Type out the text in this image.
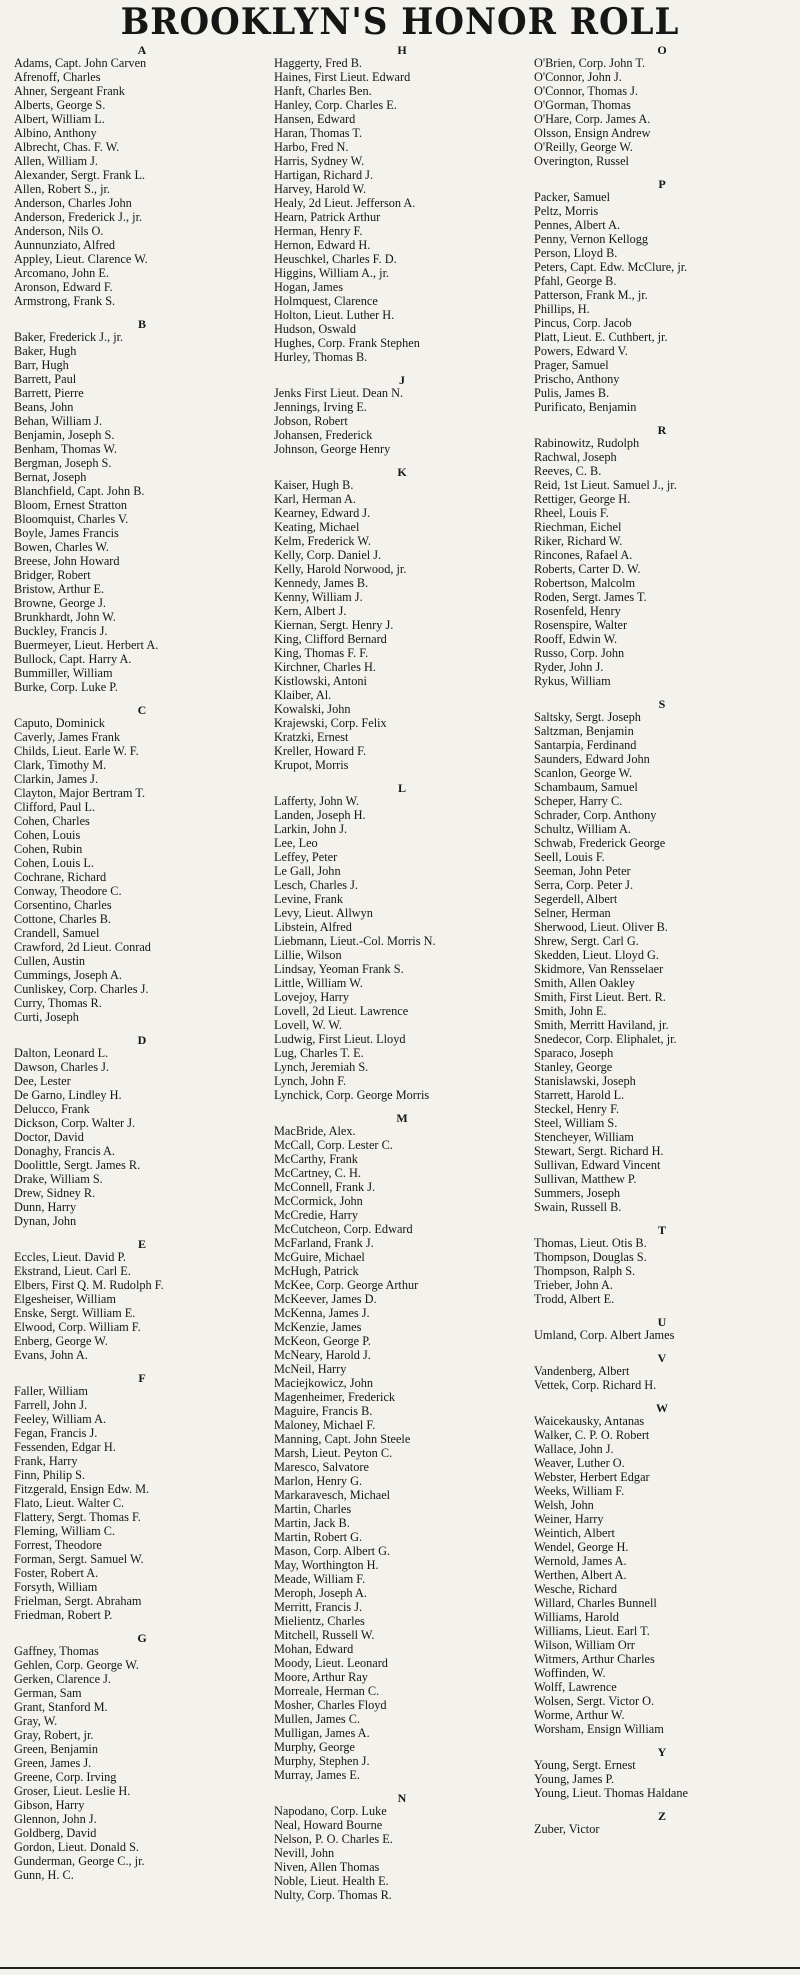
BROOKLYN'S HONOR ROLL
A
Adams, Capt. John Carven
Afrenoff, Charles
Ahner, Sergeant Frank
Alberts, George S.
Albert, William L.
Albino, Anthony
Albrecht, Chas. F. W.
Allen, William J.
Alexander, Sergt. Frank L.
Allen, Robert S., jr.
Anderson, Charles John
Anderson, Frederick J., jr.
Anderson, Nils O.
Aunnunziato, Alfred
Appley, Lieut. Clarence W.
Arcomano, John E.
Aronson, Edward F.
Armstrong, Frank S.
B
Baker, Frederick J., jr.
Baker, Hugh
Barr, Hugh
Barrett, Paul
Barrett, Pierre
Beans, John
Behan, William J.
Benjamin, Joseph S.
Benham, Thomas W.
Bergman, Joseph S.
Bernat, Joseph
Blanchfield, Capt. John B.
Bloom, Ernest Stratton
Bloomquist, Charles V.
Boyle, James Francis
Bowen, Charles W.
Breese, John Howard
Bridger, Robert
Bristow, Arthur E.
Browne, George J.
Brunkhardt, John W.
Buckley, Francis J.
Buermeyer, Lieut. Herbert A.
Bullock, Capt. Harry A.
Bummiller, William
Burke, Corp. Luke P.
C
Caputo, Dominick
Caverly, James Frank
Childs, Lieut. Earle W. F.
Clark, Timothy M.
Clarkin, James J.
Clayton, Major Bertram T.
Clifford, Paul L.
Cohen, Charles
Cohen, Louis
Cohen, Rubin
Cohen, Louis L.
Cochrane, Richard
Conway, Theodore C.
Corsentino, Charles
Cottone, Charles B.
Crandell, Samuel
Crawford, 2d Lieut. Conrad
Cullen, Austin
Cummings, Joseph A.
Cunliskey, Corp. Charles J.
Curry, Thomas R.
Curti, Joseph
D
Dalton, Leonard L.
Dawson, Charles J.
Dee, Lester
De Garno, Lindley H.
Delucco, Frank
Dickson, Corp. Walter J.
Doctor, David
Donaghy, Francis A.
Doolittle, Sergt. James R.
Drake, William S.
Drew, Sidney R.
Dunn, Harry
Dynan, John
E
Eccles, Lieut. David P.
Ekstrand, Lieut. Carl E.
Elbers, First Q. M. Rudolph F.
Elgesheiser, William
Enske, Sergt. William E.
Elwood, Corp. William F.
Enberg, George W.
Evans, John A.
F
Faller, William
Farrell, John J.
Feeley, William A.
Fegan, Francis J.
Fessenden, Edgar H.
Frank, Harry
Finn, Philip S.
Fitzgerald, Ensign Edw. M.
Flato, Lieut. Walter C.
Flattery, Sergt. Thomas F.
Fleming, William C.
Forrest, Theodore
Forman, Sergt. Samuel W.
Foster, Robert A.
Forsyth, William
Frielman, Sergt. Abraham
Friedman, Robert P.
G
Gaffney, Thomas
Gehlen, Corp. George W.
Gerken, Clarence J.
German, Sam
Grant, Stanford M.
Gray, W.
Gray, Robert, jr.
Green, Benjamin
Green, James J.
Greene, Corp. Irving
Groser, Lieut. Leslie H.
Gibson, Harry
Glennon, John J.
Goldberg, David
Gordon, Lieut. Donald S.
Gunderman, George C., jr.
Gunn, H. C.
H
Haggerty, Fred B.
Haines, First Lieut. Edward
Hanft, Charles Ben.
Hanley, Corp. Charles E.
Hansen, Edward
Haran, Thomas T.
Harbo, Fred N.
Harris, Sydney W.
Hartigan, Richard J.
Harvey, Harold W.
Healy, 2d Lieut. Jefferson A.
Hearn, Patrick Arthur
Herman, Henry F.
Hernon, Edward H.
Heuschkel, Charles F. D.
Higgins, William A., jr.
Hogan, James
Holmquest, Clarence
Holton, Lieut. Luther H.
Hudson, Oswald
Hughes, Corp. Frank Stephen
Hurley, Thomas B.
J
Jenks First Lieut. Dean N.
Jennings, Irving E.
Jobson, Robert
Johansen, Frederick
Johnson, George Henry
K
Kaiser, Hugh B.
Karl, Herman A.
Kearney, Edward J.
Keating, Michael
Kelm, Frederick W.
Kelly, Corp. Daniel J.
Kelly, Harold Norwood, jr.
Kennedy, James B.
Kenny, William J.
Kern, Albert J.
Kiernan, Sergt. Henry J.
King, Clifford Bernard
King, Thomas F. F.
Kirchner, Charles H.
Kistlowski, Antoni
Klaiber, Al.
Kowalski, John
Krajewski, Corp. Felix
Kratzki, Ernest
Kreller, Howard F.
Krupot, Morris
L
Lafferty, John W.
Landen, Joseph H.
Larkin, John J.
Lee, Leo
Leffey, Peter
Le Gall, John
Lesch, Charles J.
Levine, Frank
Levy, Lieut. Allwyn
Libstein, Alfred
Liebmann, Lieut.-Col. Morris N.
Lillie, Wilson
Lindsay, Yeoman Frank S.
Little, William W.
Lovejoy, Harry
Lovell, 2d Lieut. Lawrence
Lovell, W. W.
Ludwig, First Lieut. Lloyd
Lug, Charles T. E.
Lynch, Jeremiah S.
Lynch, John F.
Lynchick, Corp. George Morris
M
MacBride, Alex.
McCall, Corp. Lester C.
McCarthy, Frank
McCartney, C. H.
McConnell, Frank J.
McCormick, John
McCredie, Harry
McCutcheon, Corp. Edward
McFarland, Frank J.
McGuire, Michael
McHugh, Patrick
McKee, Corp. George Arthur
McKeever, James D.
McKenna, James J.
McKenzie, James
McKeon, George P.
McNeary, Harold J.
McNeil, Harry
Maciejkowicz, John
Magenheimer, Frederick
Maguire, Francis B.
Maloney, Michael F.
Manning, Capt. John Steele
Marsh, Lieut. Peyton C.
Maresco, Salvatore
Marlon, Henry G.
Markaravesch, Michael
Martin, Charles
Martin, Jack B.
Martin, Robert G.
Mason, Corp. Albert G.
May, Worthington H.
Meade, William F.
Meroph, Joseph A.
Merritt, Francis J.
Mielientz, Charles
Mitchell, Russell W.
Mohan, Edward
Moody, Lieut. Leonard
Moore, Arthur Ray
Morreale, Herman C.
Mosher, Charles Floyd
Mullen, James C.
Mulligan, James A.
Murphy, George
Murphy, Stephen J.
Murray, James E.
N
Napodano, Corp. Luke
Neal, Howard Bourne
Nelson, P. O. Charles E.
Nevill, John
Niven, Allen Thomas
Noble, Lieut. Health E.
Nulty, Corp. Thomas R.
O
O'Brien, Corp. John T.
O'Connor, John J.
O'Connor, Thomas J.
O'Gorman, Thomas
O'Hare, Corp. James A.
Olsson, Ensign Andrew
O'Reilly, George W.
Overington, Russel
P
Packer, Samuel
Peltz, Morris
Pennes, Albert A.
Penny, Vernon Kellogg
Person, Lloyd B.
Peters, Capt. Edw. McClure, jr.
Pfahl, George B.
Patterson, Frank M., jr.
Phillips, H.
Pincus, Corp. Jacob
Platt, Lieut. E. Cuthbert, jr.
Powers, Edward V.
Prager, Samuel
Prischo, Anthony
Pulis, James B.
Purificato, Benjamin
R
Rabinowitz, Rudolph
Rachwal, Joseph
Reeves, C. B.
Reid, 1st Lieut. Samuel J., jr.
Rettiger, George H.
Rheel, Louis F.
Riechman, Eichel
Riker, Richard W.
Rincones, Rafael A.
Roberts, Carter D. W.
Robertson, Malcolm
Roden, Sergt. James T.
Rosenfeld, Henry
Rosenspire, Walter
Rooff, Edwin W.
Russo, Corp. John
Ryder, John J.
Rykus, William
S
Saltsky, Sergt. Joseph
Saltzman, Benjamin
Santarpia, Ferdinand
Saunders, Edward John
Scanlon, George W.
Schambaum, Samuel
Scheper, Harry C.
Schrader, Corp. Anthony
Schultz, William A.
Schwab, Frederick George
Seell, Louis F.
Seeman, John Peter
Serra, Corp. Peter J.
Segerdell, Albert
Selner, Herman
Sherwood, Lieut. Oliver B.
Shrew, Sergt. Carl G.
Skedden, Lieut. Lloyd G.
Skidmore, Van Rensselaer
Smith, Allen Oakley
Smith, First Lieut. Bert. R.
Smith, John E.
Smith, Merritt Haviland, jr.
Snedecor, Corp. Eliphalet, jr.
Sparaco, Joseph
Stanley, George
Stanislawski, Joseph
Starrett, Harold L.
Steckel, Henry F.
Steel, William S.
Stencheyer, William
Stewart, Sergt. Richard H.
Sullivan, Edward Vincent
Sullivan, Matthew P.
Summers, Joseph
Swain, Russell B.
T
Thomas, Lieut. Otis B.
Thompson, Douglas S.
Thompson, Ralph S.
Trieber, John A.
Trodd, Albert E.
U
Umland, Corp. Albert James
V
Vandenberg, Albert
Vettek, Corp. Richard H.
W
Waicekausky, Antanas
Walker, C. P. O. Robert
Wallace, John J.
Weaver, Luther O.
Webster, Herbert Edgar
Weeks, William F.
Welsh, John
Weiner, Harry
Weintich, Albert
Wendel, George H.
Wernold, James A.
Werthen, Albert A.
Wesche, Richard
Willard, Charles Bunnell
Williams, Harold
Williams, Lieut. Earl T.
Wilson, William Orr
Witmers, Arthur Charles
Woffinden, W.
Wolff, Lawrence
Wolsen, Sergt. Victor O.
Worme, Arthur W.
Worsham, Ensign William
Y
Young, Sergt. Ernest
Young, James P.
Young, Lieut. Thomas Haldane
Z
Zuber, Victor
